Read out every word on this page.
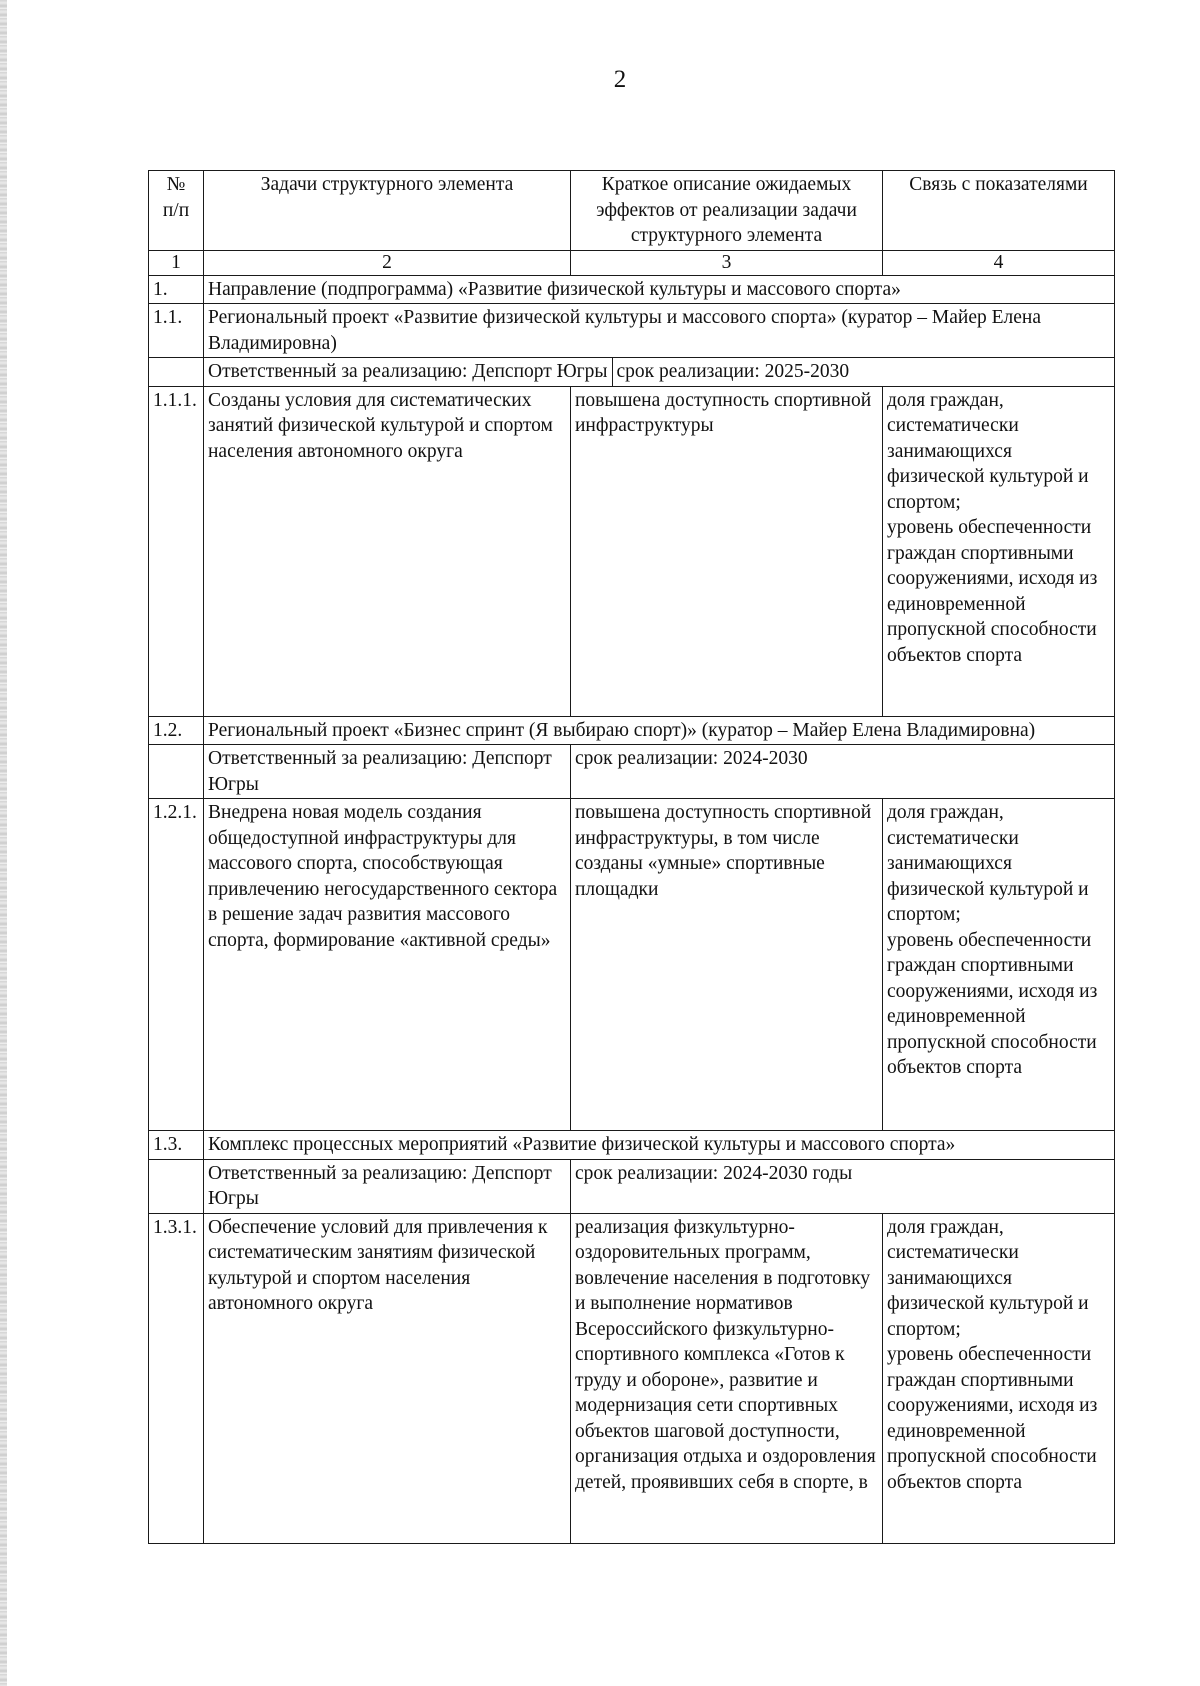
2
№
п/п	Задачи структурного элемента	Краткое описание ожидаемых эффектов от реализации задачи структурного элемента	Связь с показателями
1	2	3	4
1.	Направление (подпрограмма) «Развитие физической культуры и массового спорта»
1.1.	Региональный проект «Развитие физической культуры и массового спорта» (куратор – Майер Елена Владимировна)

Ответственный за реализацию: Депспорт Югры	срок реализации: 2025-2030

1.1.1.	Созданы условия для систематических занятий физической культурой и спортом населения автономного округа	повышена доступность спортивной инфраструктуры	доля граждан, систематически занимающихся физической культурой и спортом;
уровень обеспеченности граждан спортивными сооружениями, исходя из единовременной пропускной способности объектов спорта
1.2.	Региональный проект «Бизнес спринт (Я выбираю спорт)» (куратор – Майер Елена Владимировна)
	Ответственный за реализацию: Депспорт Югры	срок реализации: 2024-2030
1.2.1.	Внедрена новая модель создания общедоступной инфраструктуры для массового спорта, способствующая привлечению негосударственного сектора в решение задач развития массового спорта, формирование «активной среды»	повышена доступность спортивной инфраструктуры, в том числе созданы «умные» спортивные площадки	доля граждан, систематически занимающихся физической культурой и спортом;
уровень обеспеченности граждан спортивными сооружениями, исходя из единовременной пропускной способности объектов спорта
1.3.	Комплекс процессных мероприятий «Развитие физической культуры и массового спорта»
	Ответственный за реализацию: Депспорт Югры	срок реализации: 2024-2030 годы
1.3.1.	Обеспечение условий для привлечения к систематическим занятиям физической культурой и спортом населения автономного округа	реализация физкультурно-оздоровительных программ, вовлечение населения в подготовку и выполнение нормативов Всероссийского физкультурно-спортивного комплекса «Готов к труду и обороне», развитие и модернизация сети спортивных объектов шаговой доступности, организация отдыха и оздоровления детей, проявивших себя в спорте, в	доля граждан, систематически занимающихся физической культурой и спортом;
уровень обеспеченности граждан спортивными сооружениями, исходя из единовременной пропускной способности объектов спорта
